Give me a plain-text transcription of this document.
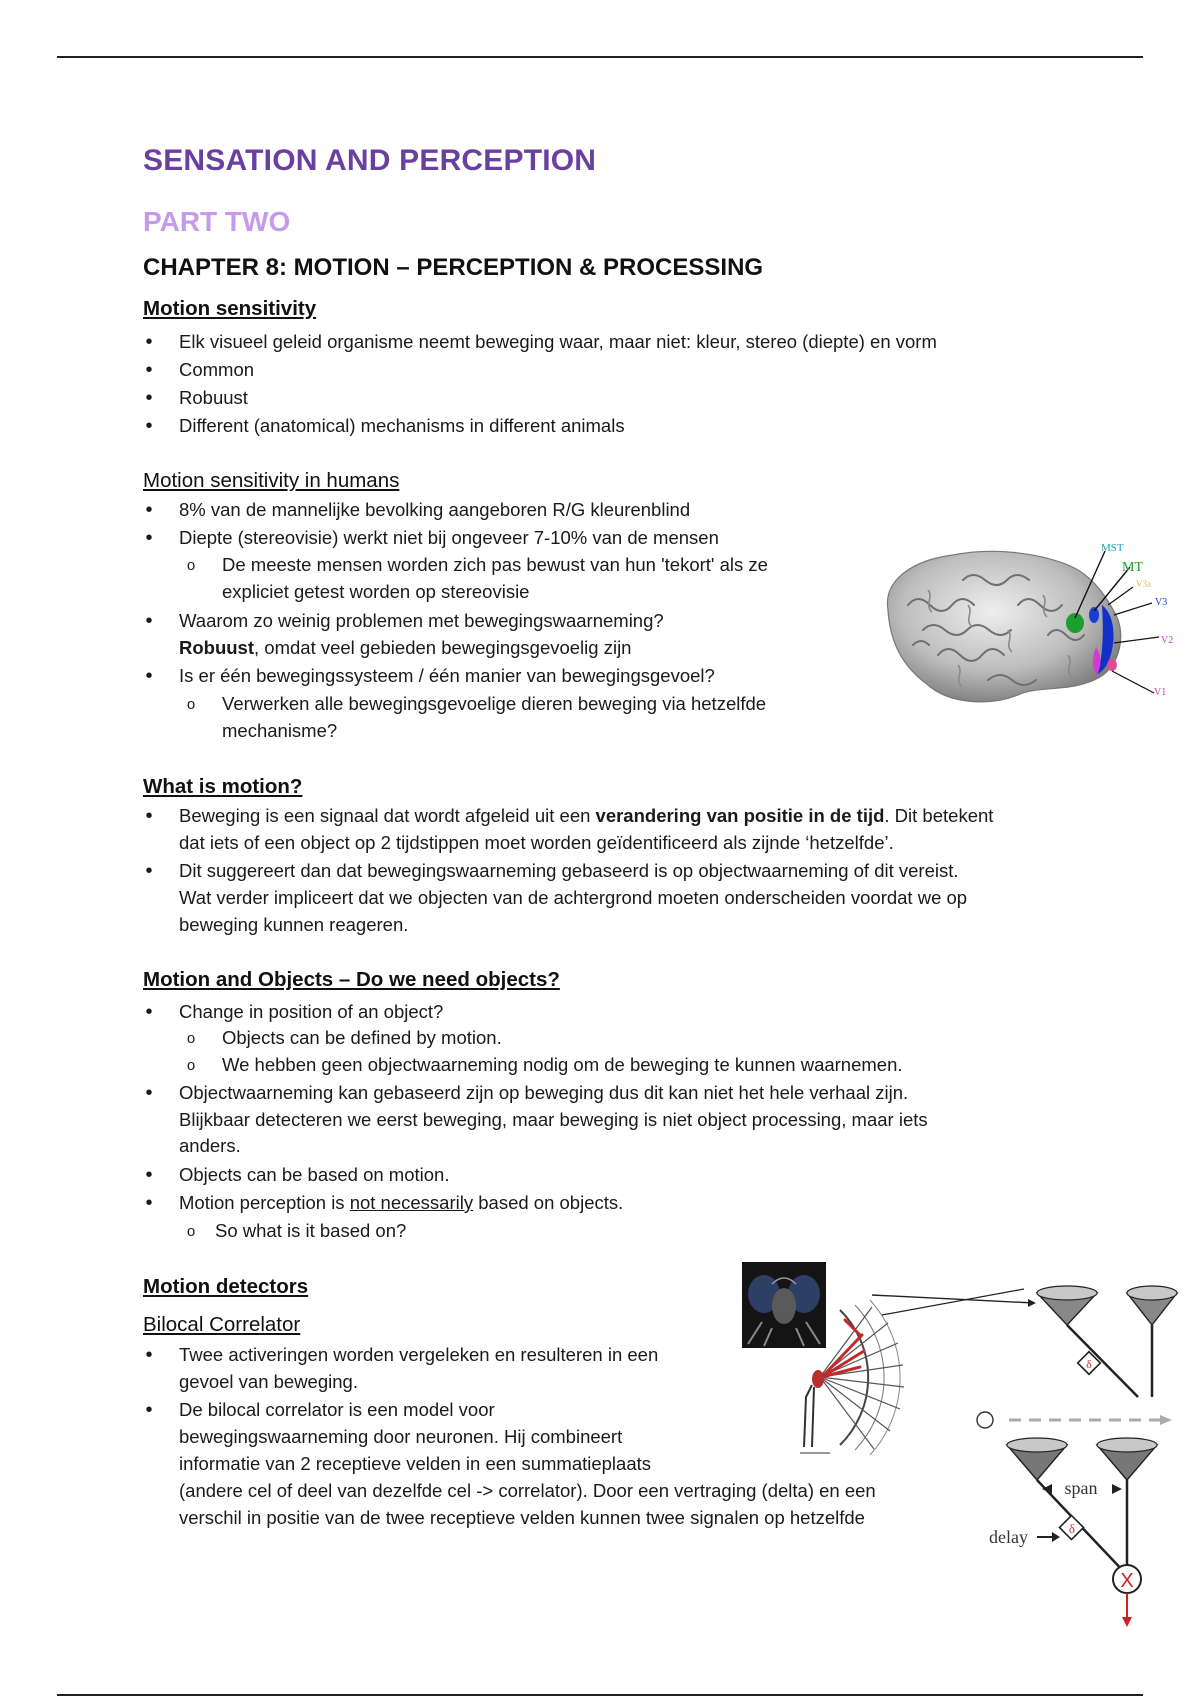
SENSATION AND PERCEPTION
PART TWO
CHAPTER 8: MOTION – PERCEPTION & PROCESSING
Motion sensitivity
•
Elk visueel geleid organisme neemt beweging waar, maar niet: kleur, stereo (diepte) en vorm
•
Common
•
Robuust
•
Different (anatomical) mechanisms in different animals
Motion sensitivity in humans
•
8% van de mannelijke bevolking aangeboren R/G kleurenblind
•
Diepte (stereovisie) werkt niet bij ongeveer 7-10% van de mensen
o
De meeste mensen worden zich pas bewust van hun 'tekort' als ze
expliciet getest worden op stereovisie
•
Waarom zo weinig problemen met bewegingswaarneming?
Robuust, omdat veel gebieden bewegingsgevoelig zijn
•
Is er één bewegingssysteem / één manier van bewegingsgevoel?
o
Verwerken alle bewegingsgevoelige dieren beweging via hetzelfde
mechanisme?
MST
MT
V3a
V3
V2
V1
What is motion?
•
Beweging is een signaal dat wordt afgeleid uit een verandering van positie in de tijd. Dit betekent
dat iets of een object op 2 tijdstippen moet worden geïdentificeerd als zijnde ‘hetzelfde’.
•
Dit suggereert dan dat bewegingswaarneming gebaseerd is op objectwaarneming of dit vereist.
Wat verder impliceert dat we objecten van de achtergrond moeten onderscheiden voordat we op
beweging kunnen reageren.
Motion and Objects – Do we need objects?
•
Change in position of an object?
o
Objects can be defined by motion.
o
We hebben geen objectwaarneming nodig om de beweging te kunnen waarnemen.
•
Objectwaarneming kan gebaseerd zijn op beweging dus dit kan niet het hele verhaal zijn.
Blijkbaar detecteren we eerst beweging, maar beweging is niet object processing, maar iets
anders.
•
Objects can be based on motion.
•
Motion perception is not necessarily based on objects.
o
So what is it based on?
Motion detectors
Bilocal Correlator
•
Twee activeringen worden vergeleken en resulteren in een
gevoel van beweging.
•
De bilocal correlator is een model voor
bewegingswaarneming door neuronen. Hij combineert
informatie van 2 receptieve velden in een summatieplaats
(andere cel of deel van dezelfde cel -> correlator). Door een vertraging (delta) en een
verschil in positie van de twee receptieve velden kunnen twee signalen op hetzelfde
δ
δ
span
delay
X
